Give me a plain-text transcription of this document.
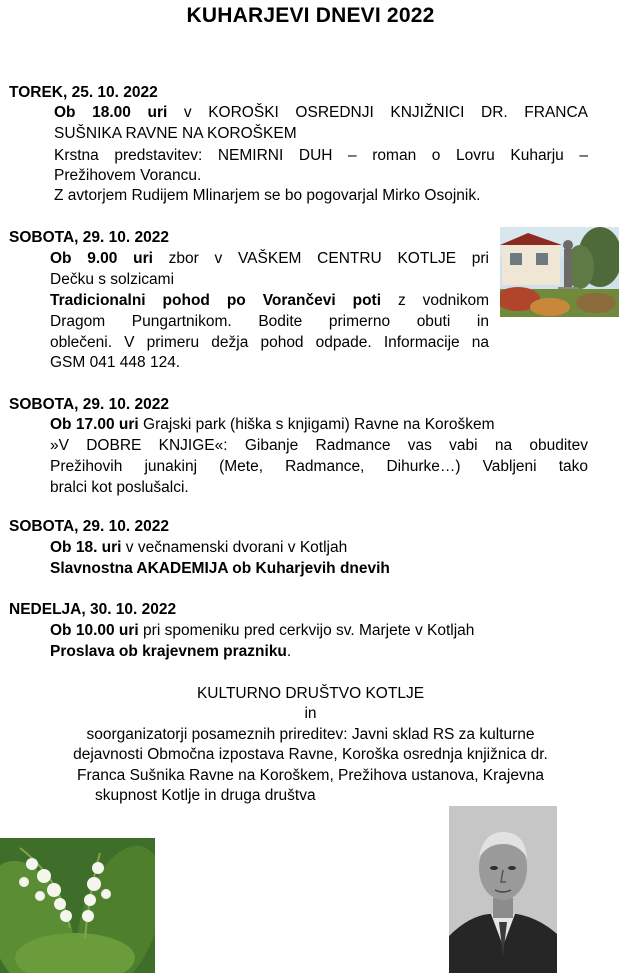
KUHARJEVI DNEVI 2022
TOREK, 25. 10. 2022
Ob 18.00 uri v KOROŠKI OSREDNJI KNJIŽNICI DR. FRANCA
SUŠNIKA RAVNE NA KOROŠKEM
Krstna predstavitev: NEMIRNI DUH – roman o Lovru Kuharju –
Prežihovem Vorancu.
Z avtorjem Rudijem Mlinarjem se bo pogovarjal Mirko Osojnik.
SOBOTA, 29. 10. 2022
Ob 9.00 uri zbor v VAŠKEM CENTRU KOTLJE pri
Dečku s solzicami
Tradicionalni pohod po Vorančevi poti z vodnikom
Dragom Pungartnikom. Bodite primerno obuti in
oblečeni. V primeru dežja pohod odpade. Informacije na
GSM 041 448 124.
SOBOTA, 29. 10. 2022
Ob 17.00 uri Grajski park (hiška s knjigami) Ravne na Koroškem
»V DOBRE KNJIGE«: Gibanje Radmance vas vabi na obuditev
Prežihovih junakinj (Mete, Radmance, Dihurke…) Vabljeni tako
bralci kot poslušalci.
SOBOTA, 29. 10. 2022
Ob 18. uri v večnamenski dvorani v Kotljah
Slavnostna AKADEMIJA ob Kuharjevih dnevih
NEDELJA, 30. 10. 2022
Ob 10.00 uri pri spomeniku pred cerkvijo sv. Marjete v Kotljah
Proslava ob krajevnem prazniku.
KULTURNO DRUŠTVO KOTLJE
in
soorganizatorji posameznih prireditev: Javni sklad RS za kulturne
dejavnosti Območna izpostava Ravne, Koroška osrednja knjižnica dr.
Franca Sušnika Ravne na Koroškem, Prežihova ustanova, Krajevna
skupnost Kotlje in druga društva
